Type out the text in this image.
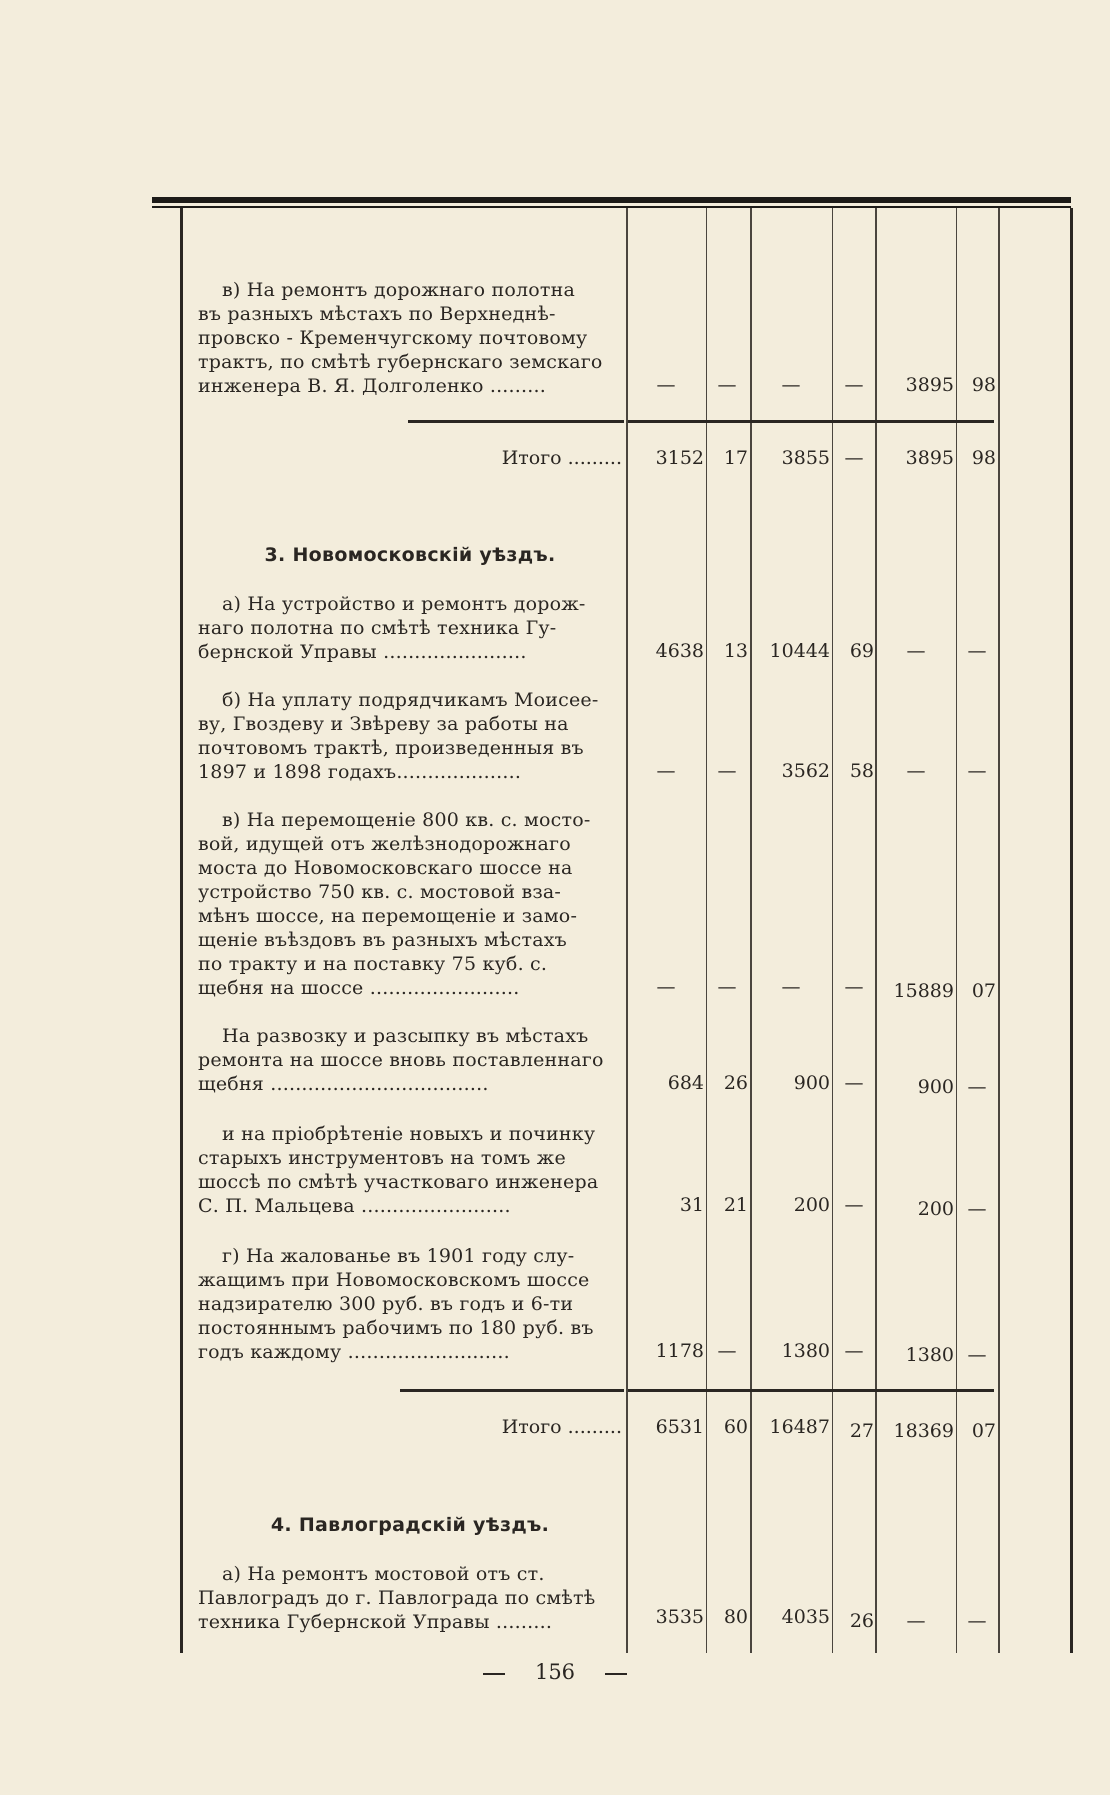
в) На ремонтъ дорожнаго полотна
въ разныхъ мѣстахъ по Верхнеднѣ-
провско - Кременчугскому почтовому
трактъ, по смѣтѣ губернскаго земскаго
инженера В. Я. Долголенко .........	—	—	—	—	3895 98
Итого .........	3152	17	3855 —	3895 98
3. Новомосковскій уѣздъ.
а) На устройство и ремонтъ дорож-
наго полотна по смѣтѣ техника Гу-
бернской Управы .......................	4638	13	10444	69	—	—
б) На уплату подрядчикамъ Моисее-
ву, Гвоздеву и Звѣреву за работы на
почтовомъ трактѣ, произведенныя въ
1897 и 1898 годахъ....................	—	—	3562	58	—	—
в) На перемощеніе 800 кв. с. мосто-
вой, идущей отъ желѣзнодорожнаго
моста до Новомосковскаго шоссе на
устройство 750 кв. с. мостовой вза-
мѣнъ шоссе, на перемощеніе и замо-
щеніе въѣздовъ въ разныхъ мѣстахъ
по тракту и на поставку 75 куб. с.
щебня на шоссе ........................	—	—	—	—	15889 07
На развозку и разсыпку въ мѣстахъ
ремонта на шоссе вновь поставленнаго
щебня ...................................	684	26	900 —	900 —
и на пріобрѣтеніе новыхъ и починку
старыхъ инструментовъ на томъ же
шоссѣ по смѣтѣ участковаго инженера
С. П. Мальцева ........................	31	21	200 —	200 —
г) На жалованье въ 1901 году слу-
жащимъ при Новомосковскомъ шоссе
надзирателю 300 руб. въ годъ и 6-ти
постояннымъ рабочимъ по 180 руб. въ
годъ каждому ..........................	1178 —	1380 —	1380 —
Итого .........	6531	60	16487	27	18369 07
4. Павлоградскій уѣздъ.
а) На ремонтъ мостовой отъ ст.
Павлоградъ до г. Павлограда по смѣтѣ
техника Губернской Управы .........	3535	80	4035	26	—	—
156
